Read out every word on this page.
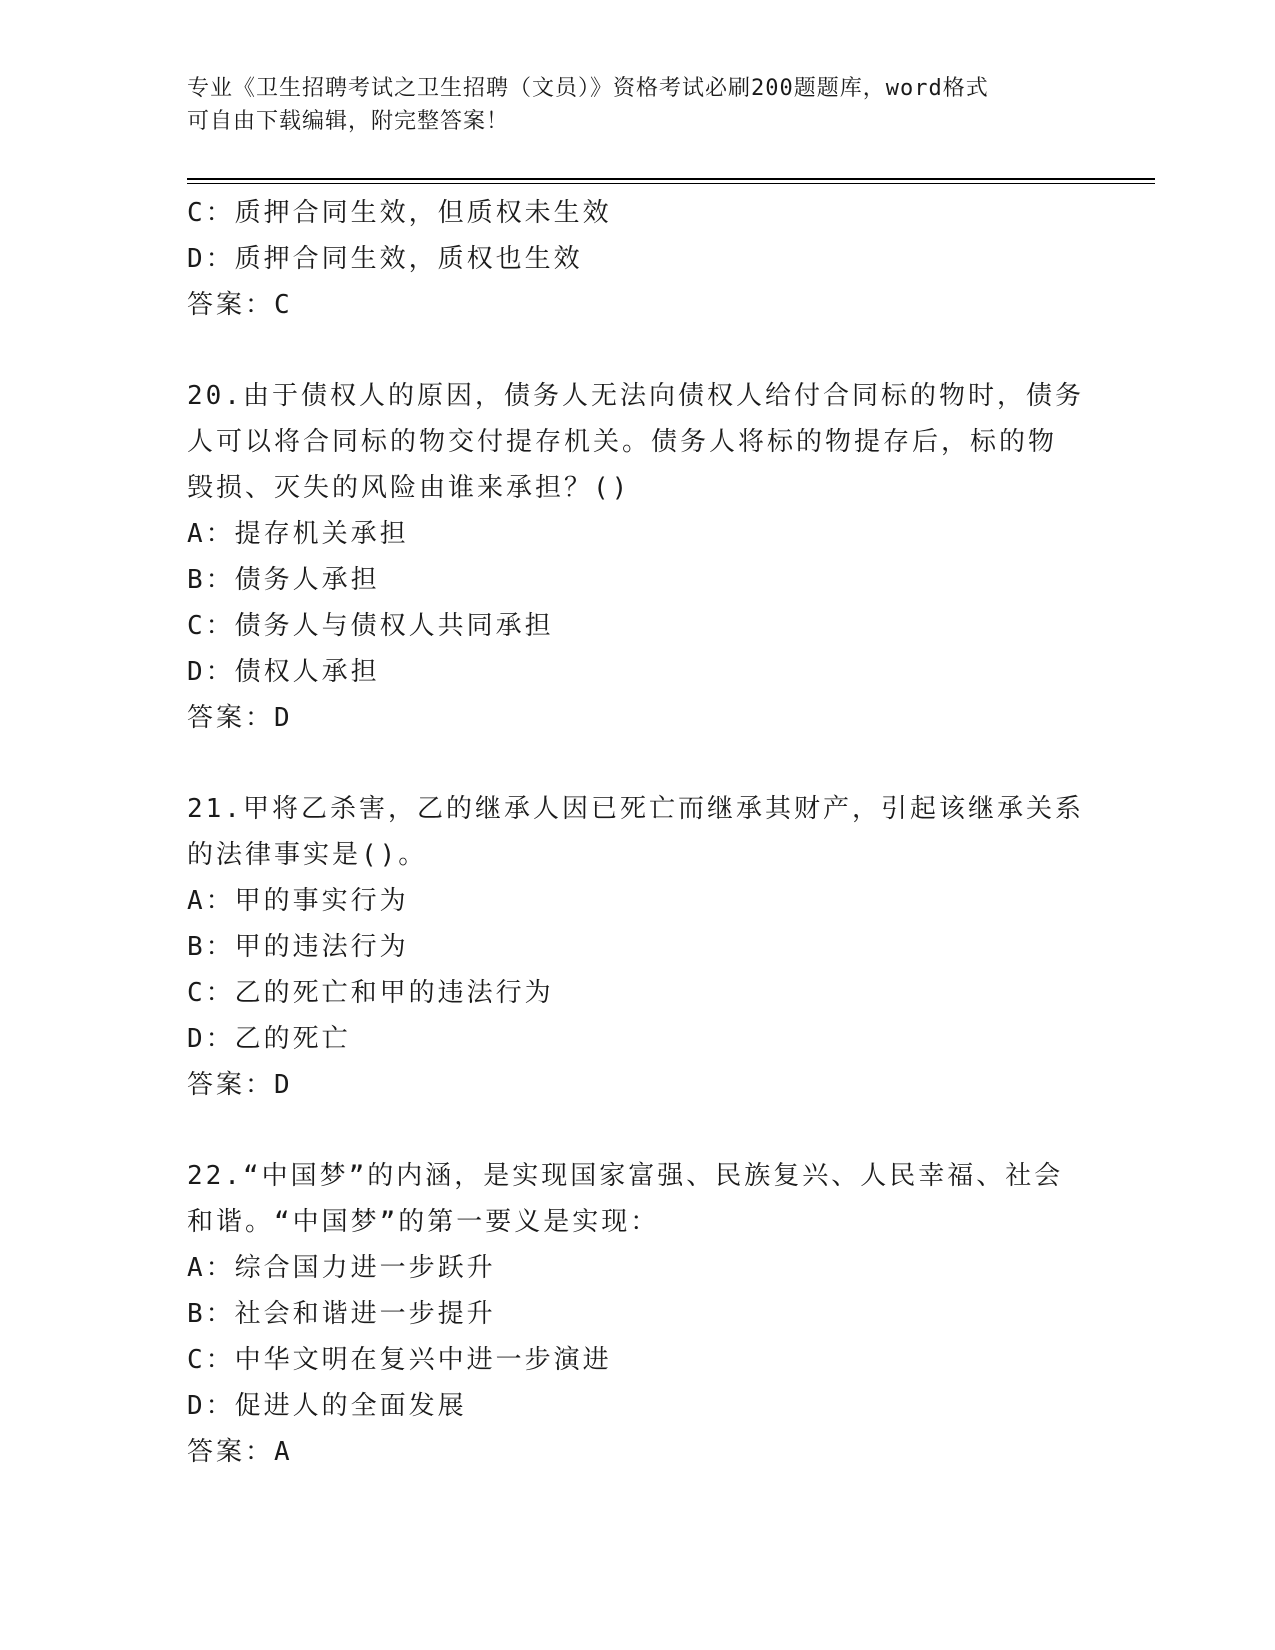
专业《卫生招聘考试之卫生招聘（文员）》资格考试必刷200题题库，word格式
可自由下载编辑，附完整答案！
C：质押合同生效，但质权未生效
D：质押合同生效，质权也生效
答案：C
20.由于债权人的原因，债务人无法向债权人给付合同标的物时，债务
人可以将合同标的物交付提存机关。债务人将标的物提存后，标的物
毁损、灭失的风险由谁来承担？()
A：提存机关承担
B：债务人承担
C：债务人与债权人共同承担
D：债权人承担
答案：D
21.甲将乙杀害，乙的继承人因已死亡而继承其财产，引起该继承关系
的法律事实是()。
A：甲的事实行为
B：甲的违法行为
C：乙的死亡和甲的违法行为
D：乙的死亡
答案：D
22.“中国梦”的内涵，是实现国家富强、民族复兴、人民幸福、社会
和谐。“中国梦”的第一要义是实现：
A：综合国力进一步跃升
B：社会和谐进一步提升
C：中华文明在复兴中进一步演进
D：促进人的全面发展
答案：A
